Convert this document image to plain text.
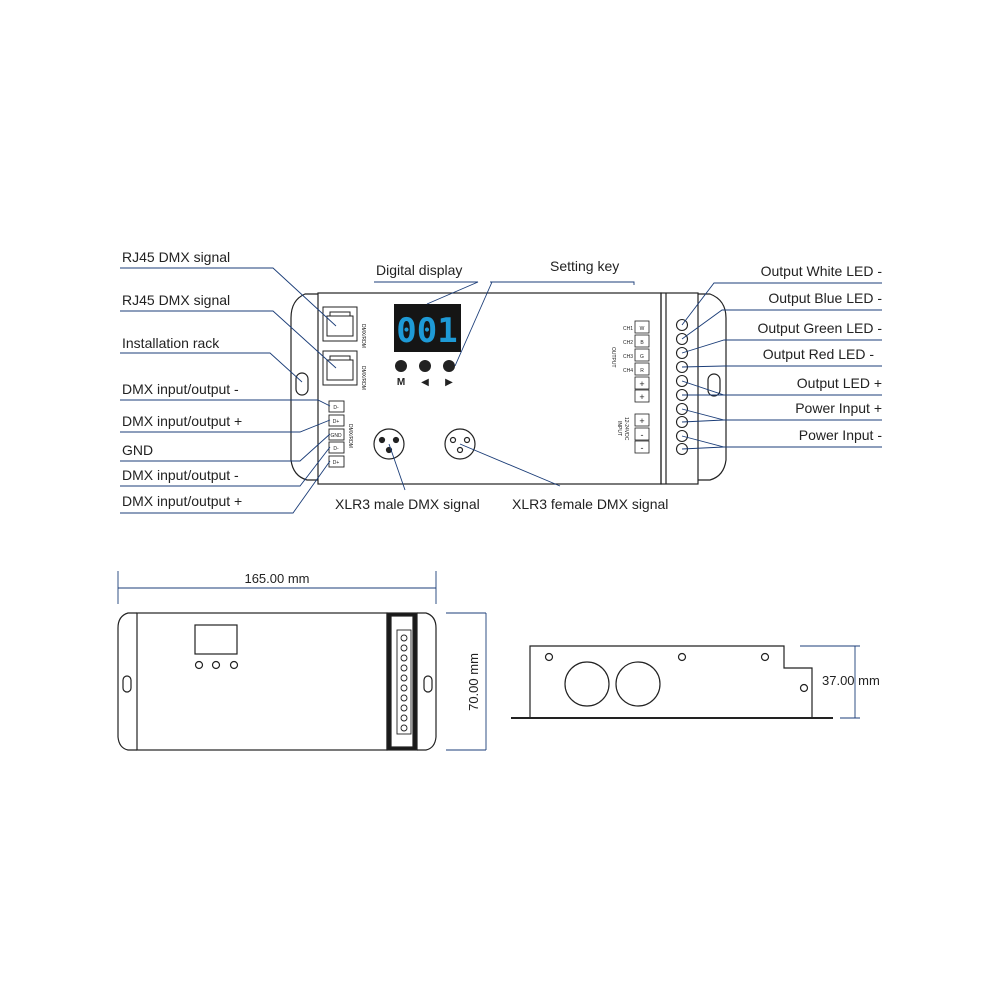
DMX/RDM
DMX/RDM
001
M ◀ ▶
D-
D+
GND
D-
D+
DMX/RDM
W
B
G
R
+
+
CH1
CH2
CH3
CH4
OUTPUT
+
-
-
INPUT 12-24VDC
RJ45 DMX signal
RJ45 DMX signal
Installation rack
DMX input/output -
DMX input/output +
GND
DMX input/output -
DMX input/output +
Digital display	Setting key
XLR3 male DMX signal XLR3 female DMX signal
Output White LED -
Output Blue LED -
Output Green LED -
Output Red LED -
Output LED +
Power Input +
Power Input -
165.00 mm
70.00 mm	37.00 mm
